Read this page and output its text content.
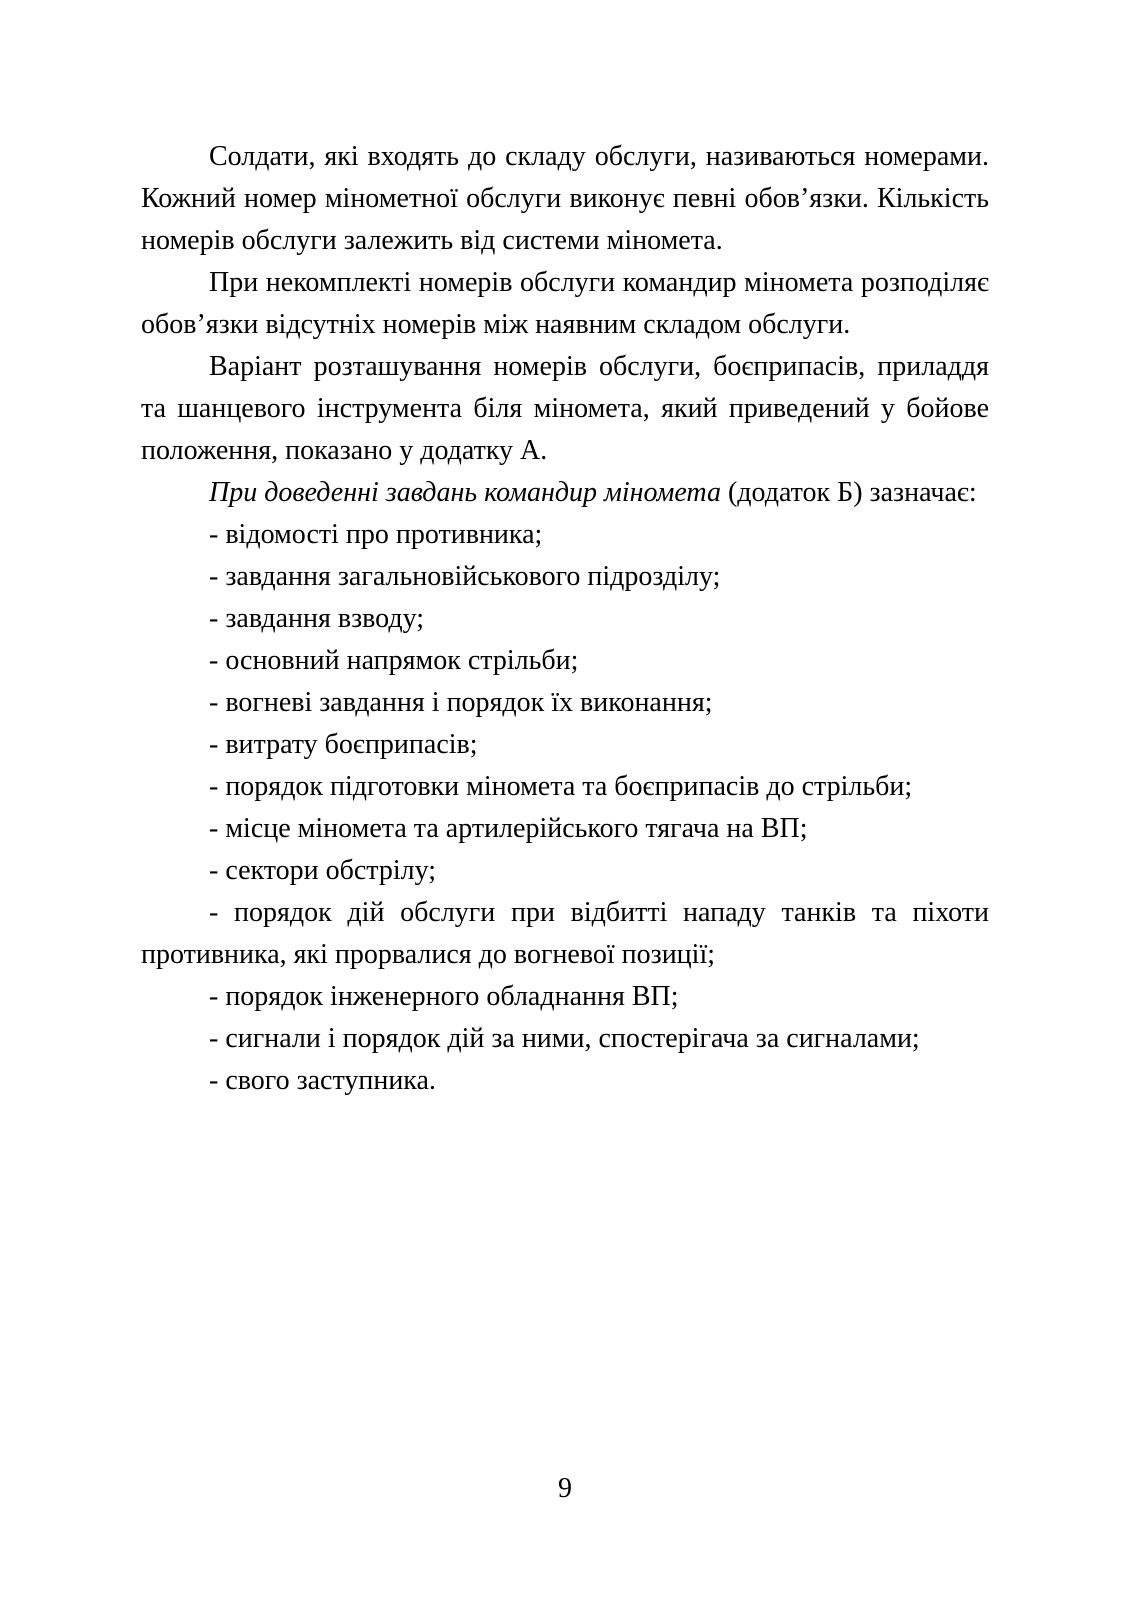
Солдати, які входять до складу обслуги, називаються номерами. Кожний номер мінометної обслуги виконує певні обов’язки. Кількість номерів обслуги залежить від системи міномета.

При некомплекті номерів обслуги командир міномета розподіляє обов’язки відсутніх номерів між наявним складом обслуги.

Варіант розташування номерів обслуги, боєприпасів, приладдя та шанцевого інструмента біля міномета, який приведений у бойове положення, показано у додатку А.

При доведенні завдань командир міномета (додаток Б) зазначає:

- відомості про противника;

- завдання загальновійськового підрозділу;

- завдання взводу;

- основний напрямок стрільби;

- вогневі завдання і порядок їх виконання;

- витрату боєприпасів;

- порядок підготовки міномета та боєприпасів до стрільби;

- місце міномета та артилерійського тягача на ВП;

- сектори обстрілу;

- порядок дій обслуги при відбитті нападу танків та піхоти противника, які прорвалися до вогневої позиції;

- порядок інженерного обладнання ВП;

- сигнали і порядок дій за ними, спостерігача за сигналами;

- свого заступника.

9
